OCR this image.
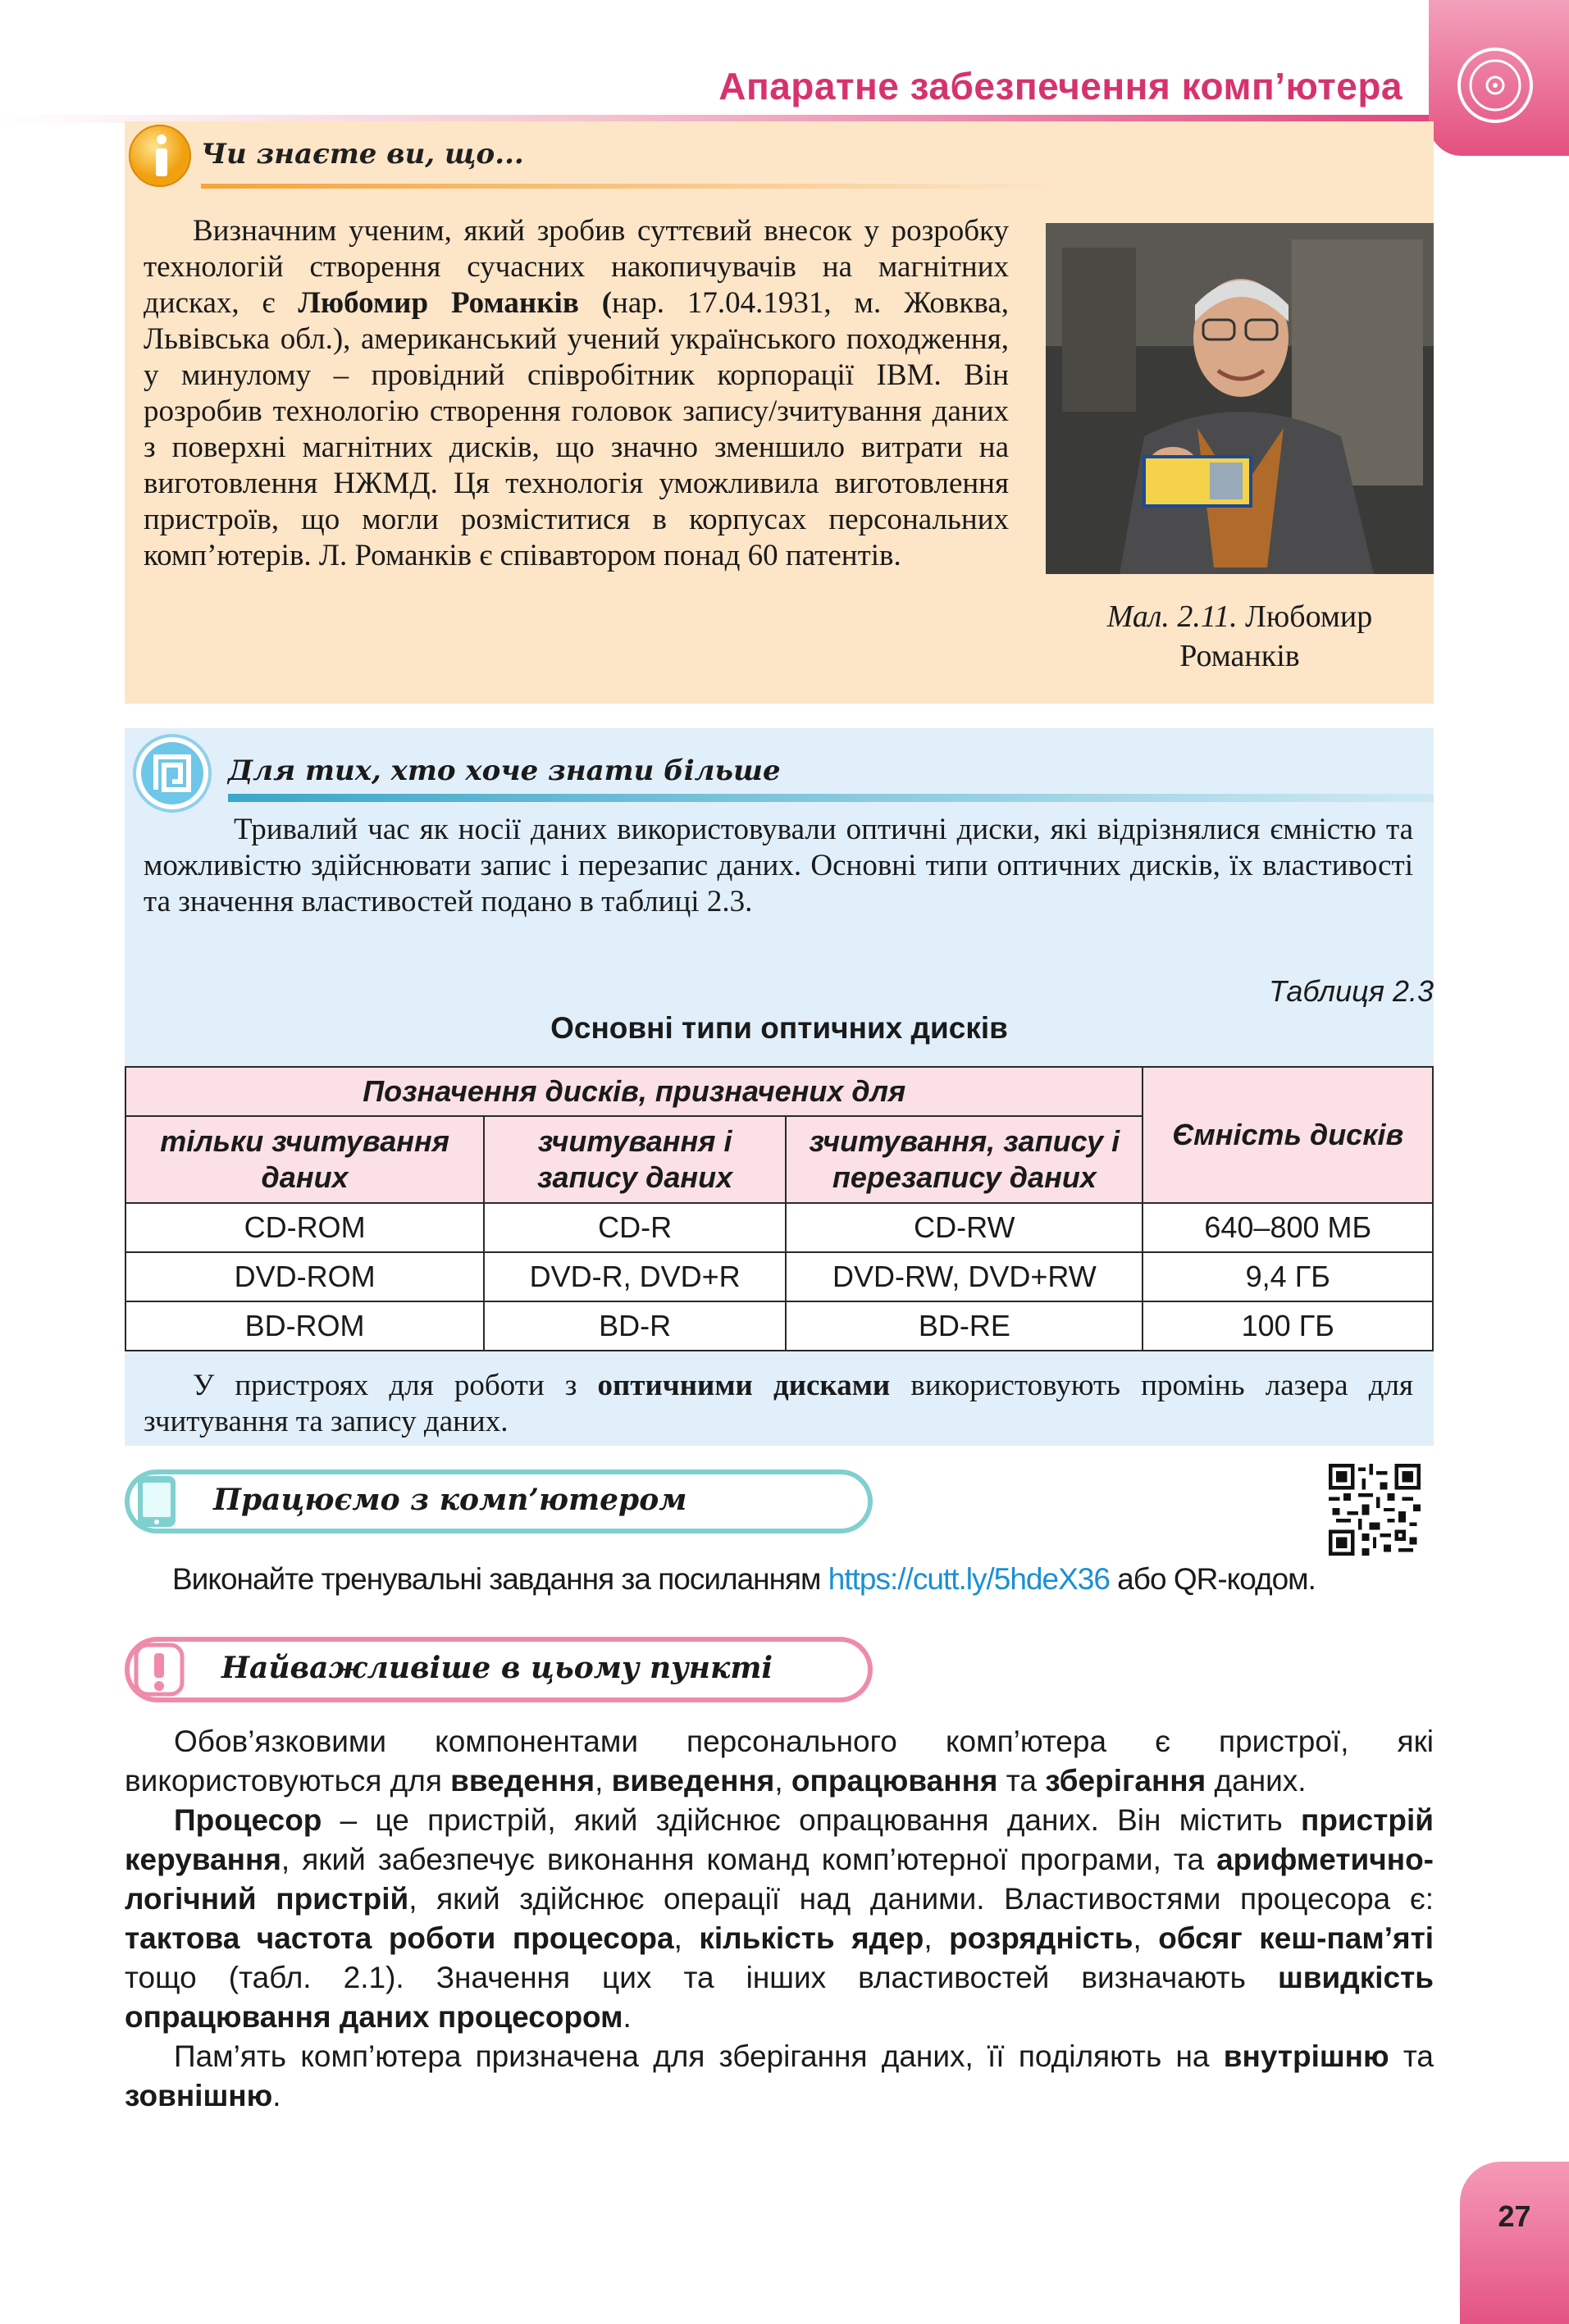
Апаратне забезпечення комп’ютера
Чи знаєте ви, що...
Визначним ученим, який зробив суттєвий внесок у розробку технологій створення сучасних накопичувачів на магнітних дисках, є Любомир Романків (нар. 17.04.1931, м. Жовква, Львівська обл.), американський учений українського походження, у минулому – провідний співробітник корпорації IBM. Він розробив технологію створення головок запису/зчитування даних з поверхні магнітних дисків, що значно зменшило витрати на виготовлення НЖМД. Ця технологія уможливила виготовлення пристроїв, що могли розміститися в корпусах персональних комп’ютерів. Л. Романків є співавтором понад 60 патентів.
Мал. 2.11. Любомир Романків
Для тих, хто хоче знати більше
Тривалий час як носії даних використовували оптичні диски, які відрізнялися ємністю та можливістю здійснювати запис і перезапис даних. Основні типи оптичних дисків, їх властивості та значення властивостей подано в таблиці 2.3.
Таблиця 2.3
Основні типи оптичних дисків
Позначення дисків, призначених для			Ємність дисків
тільки зчитування даних	зчитування і запису даних	зчитування, запису і перезапису даних	
CD-ROM	CD-R	CD-RW	640–800 МБ
DVD-ROM	DVD-R, DVD+R	DVD-RW, DVD+RW	9,4 ГБ
BD-ROM	BD-R	BD-RE	100 ГБ
У пристроях для роботи з оптичними дисками використовують промінь лазера для зчитування та запису даних.
Працюємо з комп’ютером
Виконайте тренувальні завдання за посиланням https://cutt.ly/5hdeX36 або QR-кодом.
Найважливіше в цьому пункті

Обов’язковими компонентами персонального комп’ютера є пристрої, які використовуються для введення, виведення, опрацювання та зберігання даних.

Процесор – це пристрій, який здійснює опрацювання даних. Він містить пристрій керування, який забезпечує виконання команд комп’ютерної програми, та арифметично-логічний пристрій, який здійснює операції над даними. Властивостями процесора є: тактова частота роботи процесора, кількість ядер, розрядність, обсяг кеш-пам’яті тощо (табл. 2.1). Значення цих та інших властивостей визначають швидкість опрацювання даних процесором.

Пам’ять комп’ютера призначена для зберігання даних, її поділяють на внутрішню та зовнішню.

27
